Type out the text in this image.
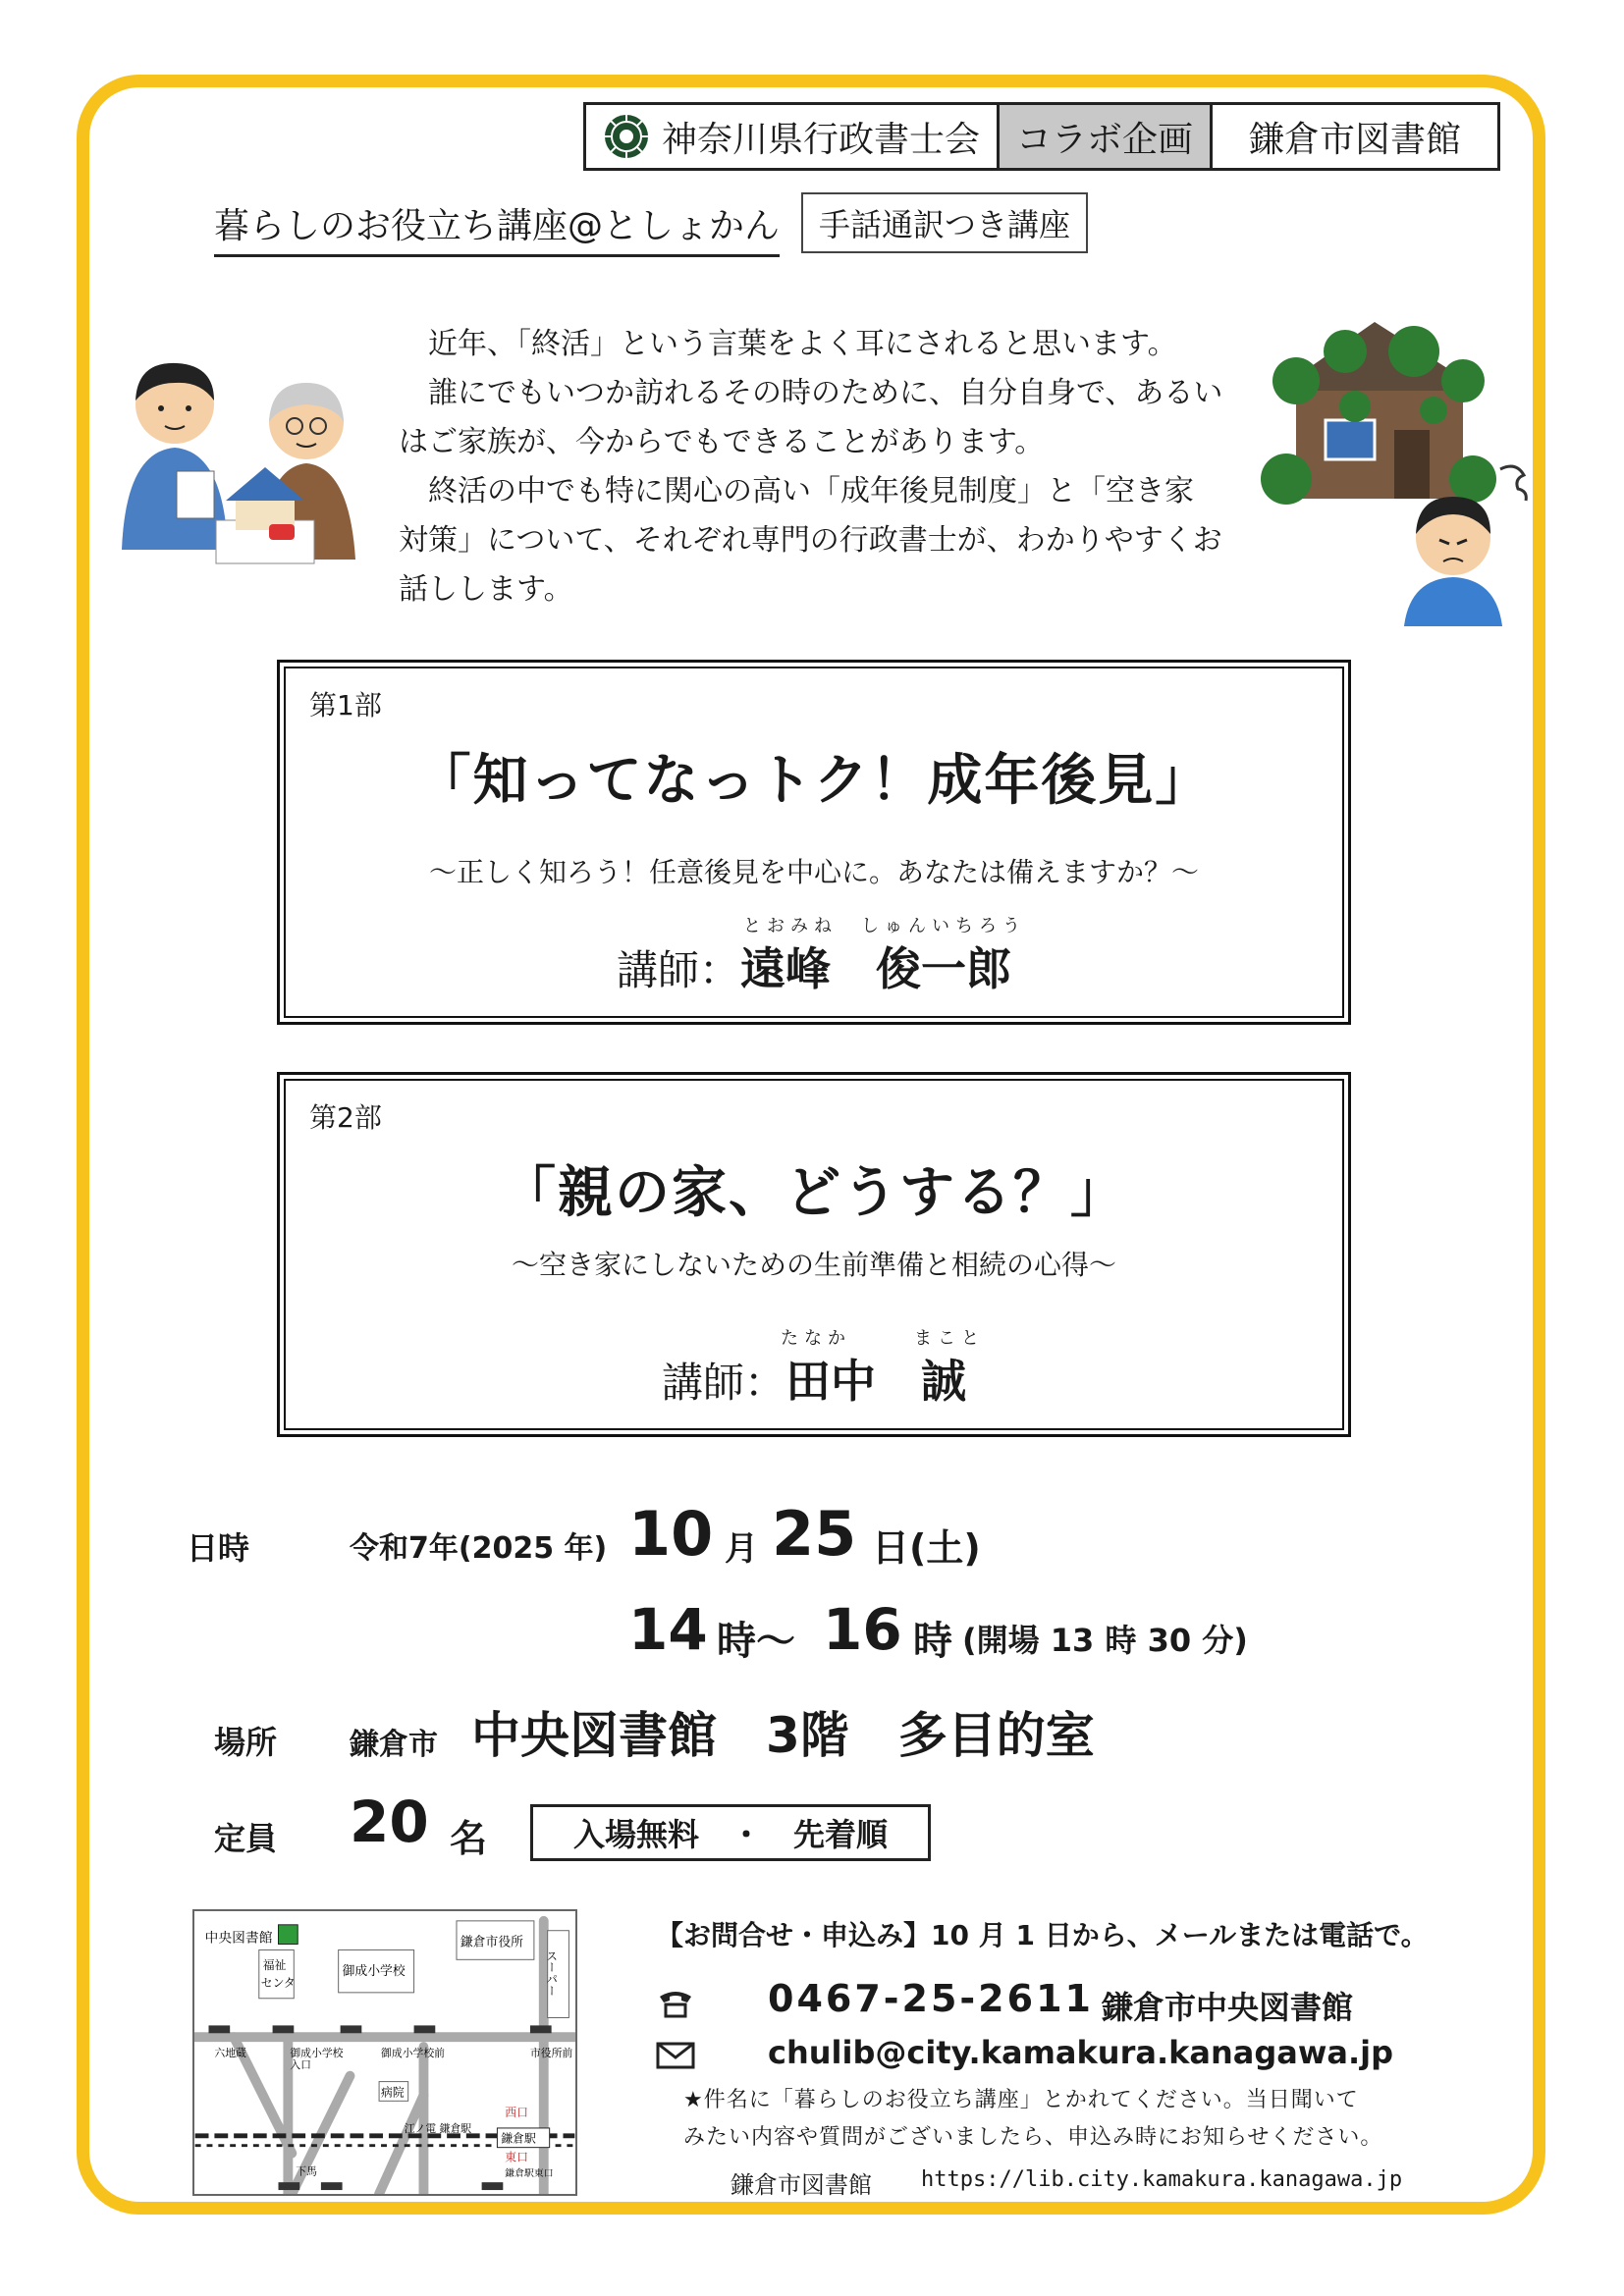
神奈川県行政書士会 コラボ企画 鎌倉市図書館
暮らしのお役立ち講座@としょかん 手話通訳つき講座
　近年、「終活」という言葉をよく耳にされると思います。
　誰にでもいつか訪れるその時のために、自分自身で、あるい
はご家族が、今からでもできることがあります。
　終活の中でも特に関心の高い「成年後見制度」と「空き家
対策」について、それぞれ専門の行政書士が、わかりやすくお
話しします。
第1部
「知ってなっトク！成年後見」
～正しく知ろう！任意後見を中心に。あなたは備えますか？～
とおみね しゅんいちろう
講師：遠峰　俊一郎
第2部
「親の家、どうする？」
～空き家にしないための生前準備と相続の心得～
たなか	まこと
講師：田中　誠
日時	令和7年(2025 年) 10 月 25 日(土)
14 時～ 16 時 (開場 13 時 30 分)
場所 鎌倉市 中央図書館　3階　多目的室
定員 20 名	入場無料　・　先着順
中央図書館
福祉
センタ
御成小学校
鎌倉市役所
スーパー
六地蔵	御成小学校
入口
御成小学校前	市役所前
病院
江ノ電 鎌倉駅
鎌倉駅
西口
東口
下馬	鎌倉駅東口
【お問合せ・申込み】10 月 1 日から、メールまたは電話で。
0467-25-2611 鎌倉市中央図書館
chulib@city.kamakura.kanagawa.jp
★件名に「暮らしのお役立ち講座」とかれてください。当日聞いて
みたい内容や質問がございましたら、申込み時にお知らせください。
鎌倉市図書館 https://lib.city.kamakura.kanagawa.jp
